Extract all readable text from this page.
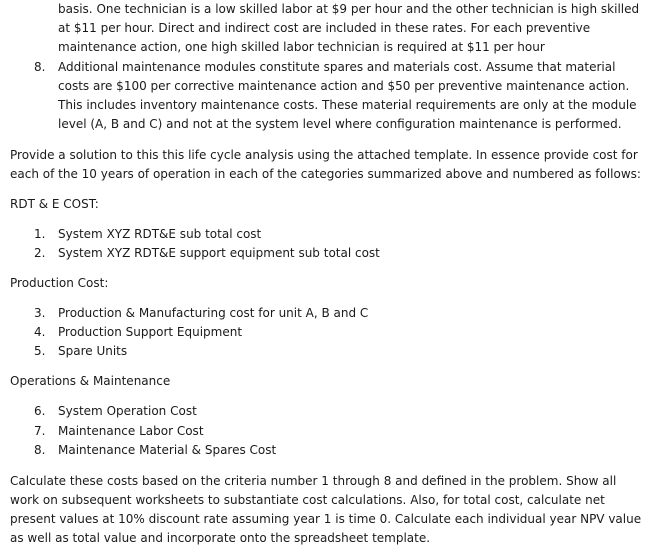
basis. One technician is a low skilled labor at $9 per hour and the other technician is high skilled
at $11 per hour. Direct and indirect cost are included in these rates. For each preventive
maintenance action, one high skilled labor technician is required at $11 per hour
8. Additional maintenance modules constitute spares and materials cost. Assume that material
costs are $100 per corrective maintenance action and $50 per preventive maintenance action.
This includes inventory maintenance costs. These material requirements are only at the module
level (A, B and C) and not at the system level where configuration maintenance is performed.
Provide a solution to this this life cycle analysis using the attached template. In essence provide cost for
each of the 10 years of operation in each of the categories summarized above and numbered as follows:
RDT & E COST:
1. System XYZ RDT&E sub total cost
2. System XYZ RDT&E support equipment sub total cost
Production Cost:
3. Production & Manufacturing cost for unit A, B and C
4. Production Support Equipment
5. Spare Units
Operations & Maintenance
6. System Operation Cost
7. Maintenance Labor Cost
8. Maintenance Material & Spares Cost
Calculate these costs based on the criteria number 1 through 8 and defined in the problem. Show all
work on subsequent worksheets to substantiate cost calculations. Also, for total cost, calculate net
present values at 10% discount rate assuming year 1 is time 0. Calculate each individual year NPV value
as well as total value and incorporate onto the spreadsheet template.
